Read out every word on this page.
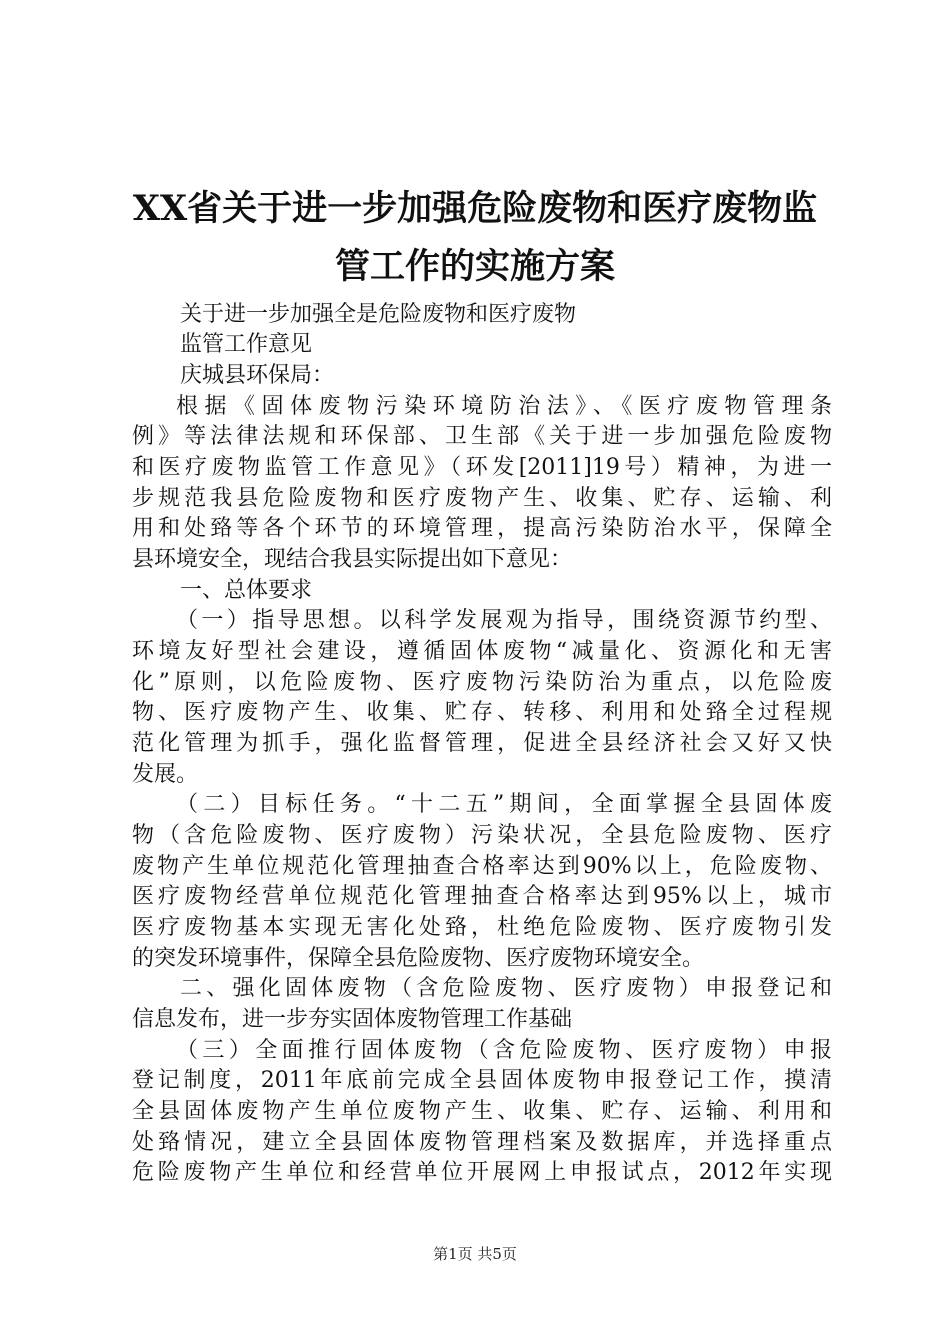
XX省关于进一步加强危险废物和医疗废物监
管工作的实施方案
关于进一步加强全是危险废物和医疗废物
监管工作意见
庆城县环保局：
根据《固体废物污染环境防治法》、《医疗废物管理条
例》等法律法规和环保部、卫生部《关于进一步加强危险废物
和医疗废物监管工作意见》（环发[2011]19号）精神，为进一
步规范我县危险废物和医疗废物产生、收集、贮存、运输、利
用和处臵等各个环节的环境管理，提高污染防治水平，保障全
县环境安全，现结合我县实际提出如下意见：
一、总体要求
（一）指导思想。以科学发展观为指导，围绕资源节约型、
环境友好型社会建设，遵循固体废物“减量化、资源化和无害
化”原则，以危险废物、医疗废物污染防治为重点，以危险废
物、医疗废物产生、收集、贮存、转移、利用和处臵全过程规
范化管理为抓手，强化监督管理，促进全县经济社会又好又快
发展。
（二）目标任务。“十二五”期间，全面掌握全县固体废
物（含危险废物、医疗废物）污染状况，全县危险废物、医疗
废物产生单位规范化管理抽查合格率达到90%以上，危险废物、
医疗废物经营单位规范化管理抽查合格率达到95%以上，城市
医疗废物基本实现无害化处臵，杜绝危险废物、医疗废物引发
的突发环境事件，保障全县危险废物、医疗废物环境安全。
二、强化固体废物（含危险废物、医疗废物）申报登记和
信息发布，进一步夯实固体废物管理工作基础
（三）全面推行固体废物（含危险废物、医疗废物）申报
登记制度，2011年底前完成全县固体废物申报登记工作，摸清
全县固体废物产生单位废物产生、收集、贮存、运输、利用和
处臵情况，建立全县固体废物管理档案及数据库，并选择重点
危险废物产生单位和经营单位开展网上申报试点，2012年实现
第1页 共5页
